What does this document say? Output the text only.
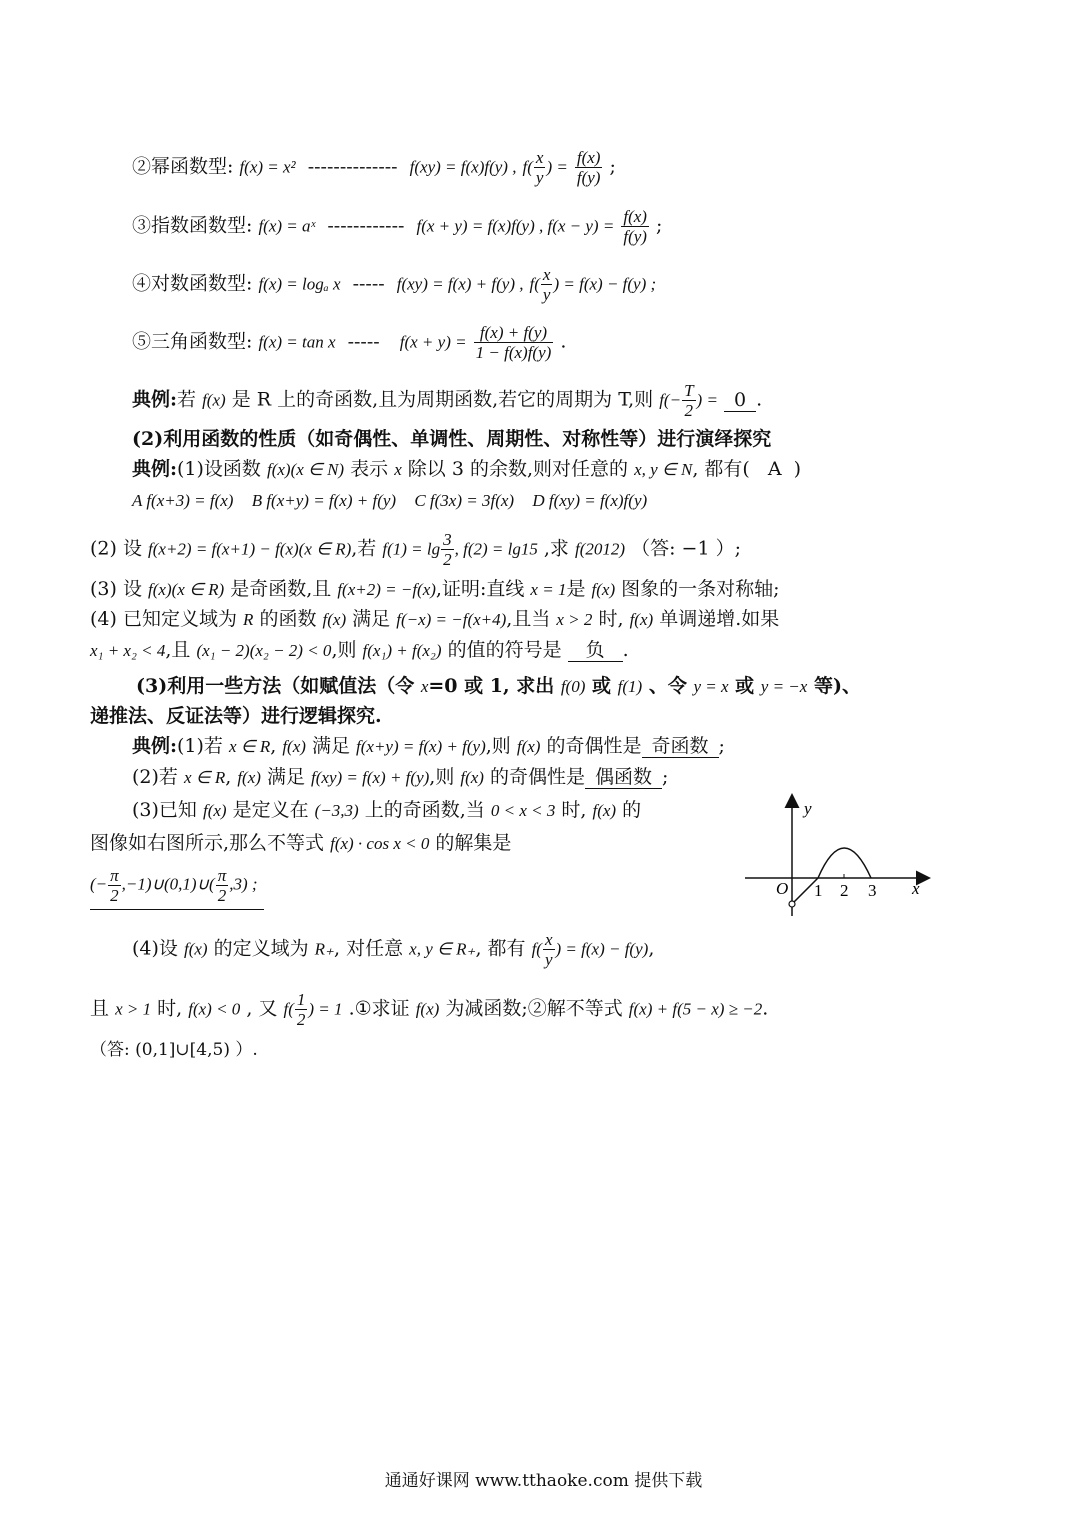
②幂函数型: f(x) = x² -------------- f(xy) = f(x)f(y) , $f( \frac{x}{y}$ ) = $\frac{f(x)}{f(y)}$ ;
③指数函数型: f(x) = aˣ ------------ f(x + y) = f(x)f(y) , $f(x - y) = \frac{f(x)}{f(y)}$ ;
④对数函数型: f(x) = logₐ x ----- f(xy) = f(x) + f(y) , $f( \frac{x}{y}$ ) = f(x) − f(y) ;
⑤三角函数型: f(x) = tan x ----- $f(x + y) = \frac{f(x) + f(y)}{1 - f(x)f(y)}$ .
典例:若 f(x) 是 R 上的奇函数,且为周期函数,若它的周期为 T,则 $f(- \frac{T}{2}$ ) = 0 .
(2)利用函数的性质（如奇偶性、单调性、周期性、对称性等）进行演绎探究
典例:(1)设函数 f(x)(x ∈ N) 表示 x 除以 3 的余数,则对任意的 x, y ∈ N, 都有( A )
A f(x+3) = f(x) B f(x+y) = f(x) + f(y) C f(3x) = 3f(x) D f(xy) = f(x)f(y)
(2) 设 f(x+2) = f(x+1) − f(x)(x ∈ R),若 $f(1) = \lg \frac{3}{2}$ , f(2) = lg15 ,求 f(2012) （答: −1 ）;
(3) 设 f(x)(x ∈ R) 是奇函数,且 f(x+2) = −f(x),证明:直线 x = 1是 f(x) 图象的一条对称轴;
(4) 已知定义域为 R 的函数 f(x) 满足 f(−x) = −f(x+4),且当 x > 2 时, f(x) 单调递增.如果
x₁ + x₂ < 4,且 (x₁ − 2)(x₂ − 2) < 0,则 f(x₁) + f(x₂) 的值的符号是 负 .
(3)利用一些方法（如赋值法（令 x=0 或 1, 求出 f(0) 或 f(1) 、令 y = x 或 y = −x 等)、
递推法、反证法等）进行逻辑探究.
典例:(1)若 x ∈ R, f(x) 满足 f(x+y) = f(x) + f(y),则 f(x) 的奇偶性是 奇函数 ;
(2)若 x ∈ R, f(x) 满足 f(xy) = f(x) + f(y),则 f(x) 的奇偶性是 偶函数 ;
(3)已知 f(x) 是定义在 (−3,3) 上的奇函数,当 0 < x < 3 时, f(x) 的
图像如右图所示,那么不等式 f(x) · cos x < 0 的解集是
(− $\frac{\pi}{2}$ ,−1)∪(0,1)∪( $\frac{\pi}{2} ,3$) ;
y
x
O 1 2 3
(4)设 f(x) 的定义域为 R₊, 对任意 x, y ∈ R₊, 都有 $f( \frac{x}{y}$ ) = f(x) − f(y),
且 x > 1 时, f(x) < 0 , 又 $f( \frac{1}{2}$ ) = 1 .①求证 f(x) 为减函数;②解不等式 f(x) + f(5 − x) ≥ −2.
（答: (0,1]∪[4,5) ）.
通通好课网 www.tthaoke.com 提供下载
